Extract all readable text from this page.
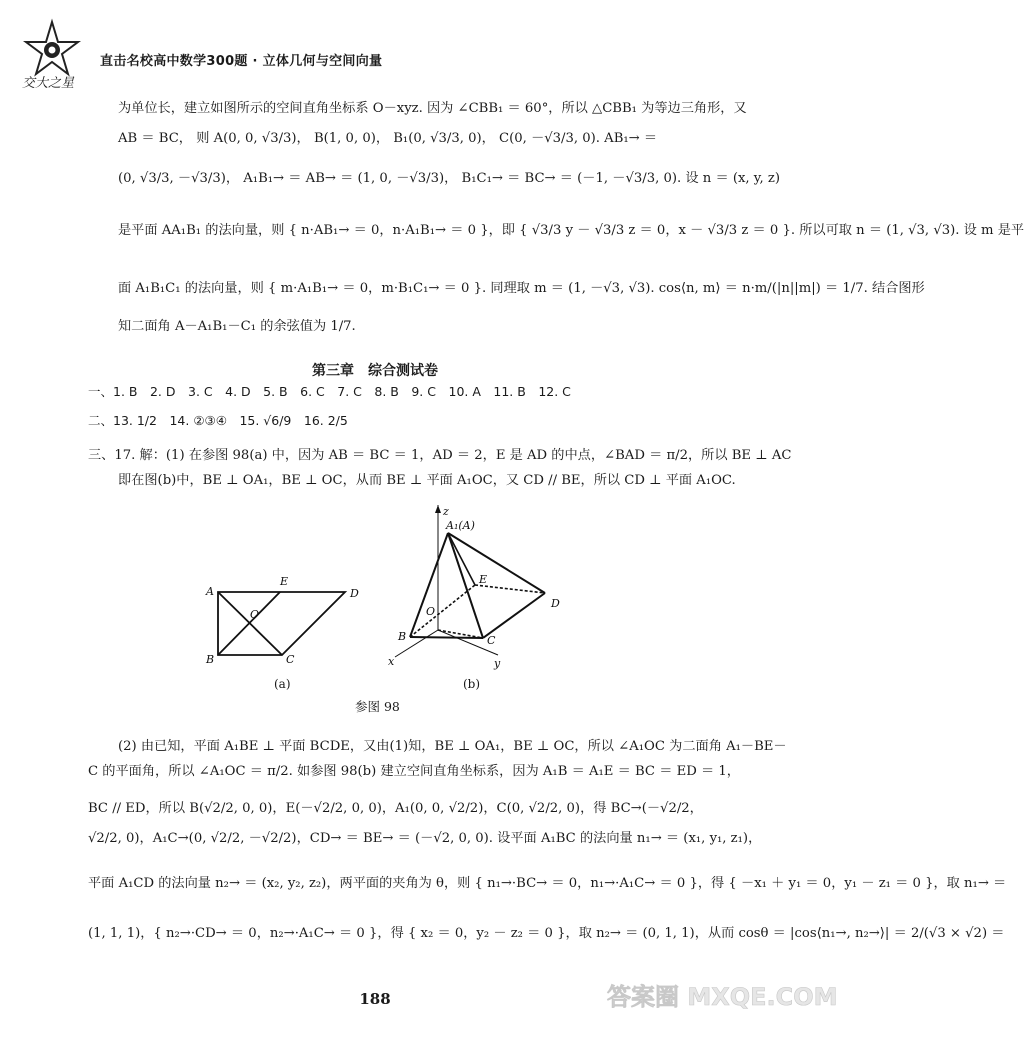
交大之星
直击名校高中数学300题 · 立体几何与空间向量
为单位长，建立如图所示的空间直角坐标系 O－xyz. 因为 ∠CBB₁ ＝ 60°，所以 △CBB₁ 为等边三角形，又
AB ＝ BC， 则 A(0, 0, √3/3)， B(1, 0, 0)， B₁(0, √3/3, 0)， C(0, －√3/3, 0). AB₁→ ＝
(0, √3/3, －√3/3)， A₁B₁→ ＝ AB→ ＝ (1, 0, －√3/3)， B₁C₁→ ＝ BC→ ＝ (－1, －√3/3, 0). 设 n ＝ (x, y, z)
是平面 AA₁B₁ 的法向量，则 { n·AB₁→ ＝ 0，n·A₁B₁→ ＝ 0 }，即 { √3/3 y － √3/3 z ＝ 0，x － √3/3 z ＝ 0 }. 所以可取 n ＝ (1, √3, √3). 设 m 是平
面 A₁B₁C₁ 的法向量，则 { m·A₁B₁→ ＝ 0，m·B₁C₁→ ＝ 0 }. 同理取 m ＝ (1, －√3, √3). cos⟨n, m⟩ ＝ n·m/(|n||m|) ＝ 1/7. 结合图形
知二面角 A－A₁B₁－C₁ 的余弦值为 1/7.
第三章　综合测试卷
一、1. B　2. D　3. C　4. D　5. B　6. C　7. C　8. B　9. C　10. A　11. B　12. C
二、13. 1/2　14. ②③④　15. √6/9　16. 2/5
三、17. 解：(1) 在参图 98(a) 中，因为 AB ＝ BC ＝ 1，AD ＝ 2，E 是 AD 的中点，∠BAD ＝ π/2，所以 BE ⊥ AC
即在图(b)中，BE ⊥ OA₁，BE ⊥ OC，从而 BE ⊥ 平面 A₁OC，又 CD // BE，所以 CD ⊥ 平面 A₁OC.
A
E
D
O
B	C
z
A₁(A)
E
D
O
B	C
x	y
(a)	(b)
参图 98
(2) 由已知，平面 A₁BE ⊥ 平面 BCDE，又由(1)知，BE ⊥ OA₁，BE ⊥ OC，所以 ∠A₁OC 为二面角 A₁－BE－
C 的平面角，所以 ∠A₁OC ＝ π/2. 如参图 98(b) 建立空间直角坐标系，因为 A₁B ＝ A₁E ＝ BC ＝ ED ＝ 1，
BC // ED，所以 B(√2/2, 0, 0)，E(－√2/2, 0, 0)，A₁(0, 0, √2/2)，C(0, √2/2, 0)，得 BC→(－√2/2，
√2/2, 0)，A₁C→(0, √2/2, －√2/2)，CD→ ＝ BE→ ＝ (－√2, 0, 0). 设平面 A₁BC 的法向量 n₁→ ＝ (x₁, y₁, z₁)，
平面 A₁CD 的法向量 n₂→ ＝ (x₂, y₂, z₂)，两平面的夹角为 θ，则 { n₁→·BC→ ＝ 0，n₁→·A₁C→ ＝ 0 }，得 { －x₁ ＋ y₁ ＝ 0，y₁ － z₁ ＝ 0 }，取 n₁→ ＝
(1, 1, 1)，{ n₂→·CD→ ＝ 0，n₂→·A₁C→ ＝ 0 }，得 { x₂ ＝ 0，y₂ － z₂ ＝ 0 }，取 n₂→ ＝ (0, 1, 1)，从而 cosθ ＝ |cos⟨n₁→, n₂→⟩| ＝ 2/(√3 × √2) ＝
188	答案圈 MXQE.COM
